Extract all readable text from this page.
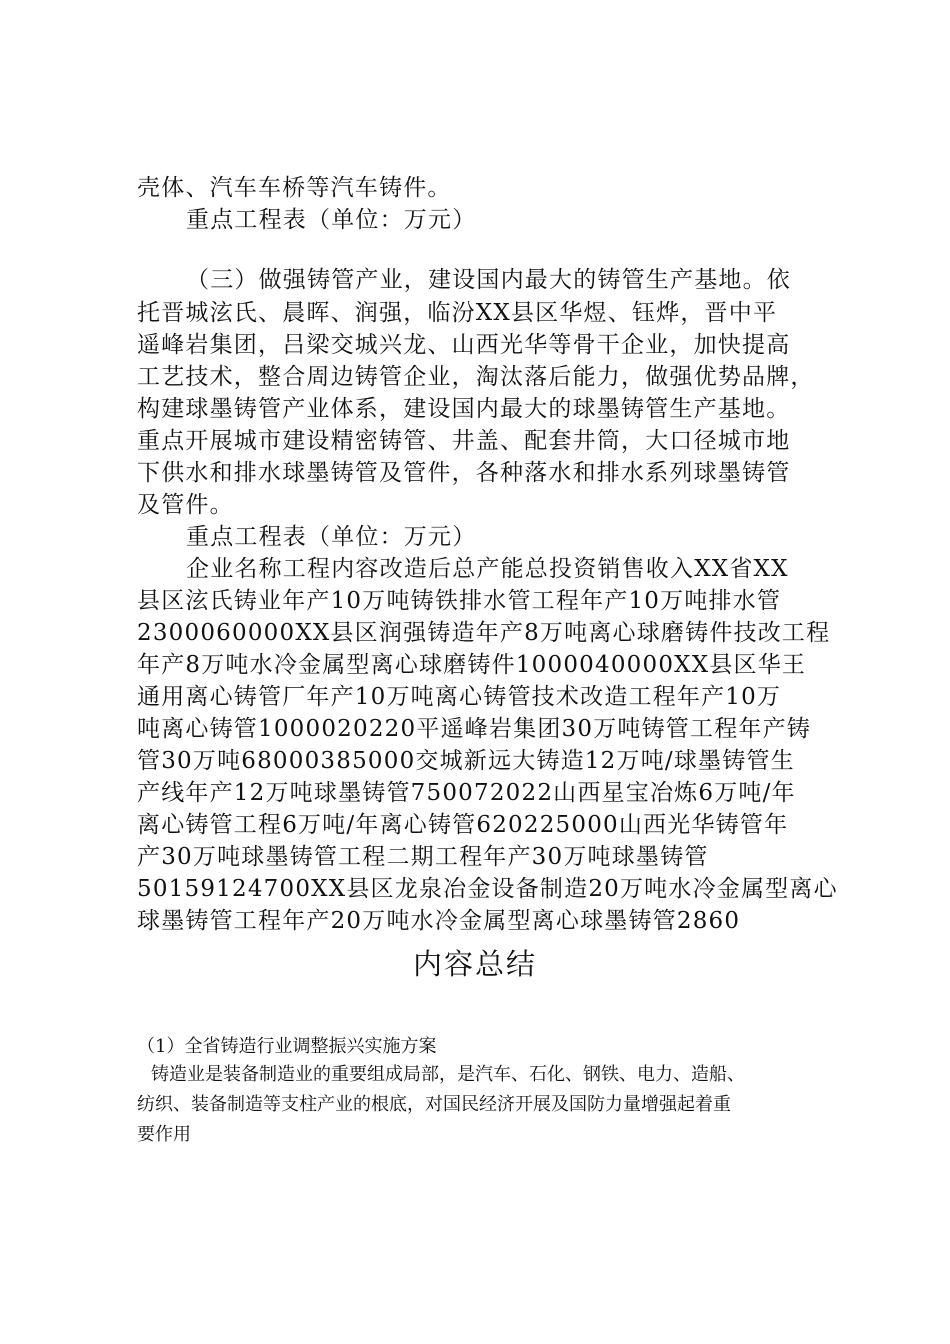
壳体、汽车车桥等汽车铸件。
重点工程表（单位：万元）
（三）做强铸管产业，建设国内最大的铸管生产基地。依
托晋城泫氏、晨晖、润强，临汾XX县区华煜、钰烨，晋中平
遥峰岩集团，吕梁交城兴龙、山西光华等骨干企业，加快提高
工艺技术，整合周边铸管企业，淘汰落后能力，做强优势品牌，
构建球墨铸管产业体系，建设国内最大的球墨铸管生产基地。
重点开展城市建设精密铸管、井盖、配套井筒，大口径城市地
下供水和排水球墨铸管及管件，各种落水和排水系列球墨铸管
及管件。
重点工程表（单位：万元）
企业名称工程内容改造后总产能总投资销售收入XX省XX
县区泫氏铸业年产10万吨铸铁排水管工程年产10万吨排水管
2300060000XX县区润强铸造年产8万吨离心球磨铸件技改工程
年产8万吨水冷金属型离心球磨铸件1000040000XX县区华王
通用离心铸管厂年产10万吨离心铸管技术改造工程年产10万
吨离心铸管1000020220平遥峰岩集团30万吨铸管工程年产铸
管30万吨68000385000交城新远大铸造12万吨/球墨铸管生
产线年产12万吨球墨铸管750072022山西星宝冶炼6万吨/年
离心铸管工程6万吨/年离心铸管620225000山西光华铸管年
产30万吨球墨铸管工程二期工程年产30万吨球墨铸管
50159124700XX县区龙泉冶金设备制造20万吨水冷金属型离心
球墨铸管工程年产20万吨水冷金属型离心球墨铸管2860
内容总结
（1）全省铸造行业调整振兴实施方案
铸造业是装备制造业的重要组成局部，是汽车、石化、钢铁、电力、造船、
纺织、装备制造等支柱产业的根底，对国民经济开展及国防力量增强起着重
要作用
